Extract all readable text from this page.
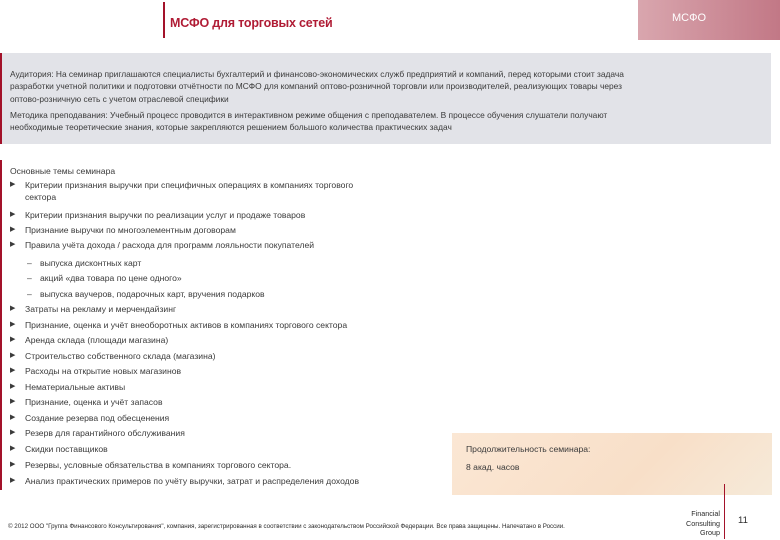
МСФО для торговых сетей	МСФО
Аудитория: На семинар приглашаются специалисты бухгалтерий и финансово-экономических служб предприятий и компаний, перед которыми стоит задача
разработки учетной политики и подготовки отчётности по МСФО для компаний оптово-розничной торговли или производителей, реализующих товары через
оптово-розничную сеть с учетом отраслевой специфики
Методика преподавания: Учебный процесс проводится в интерактивном режиме общения с преподавателем. В процессе обучения слушатели получают
необходимые теоретические знания, которые закрепляются решением большого количества практических задач
Основные темы семинара
▶	Критерии признания выручки при специфичных операциях в компаниях торгового
сектора
▶	Критерии признания выручки по реализации услуг и продаже товаров
▶	Признание выручки по многоэлементным договорам
▶	Правила учёта дохода / расхода для программ лояльности покупателей
– выпуска дисконтных карт
– акций «два товара по цене одного»
– выпуска ваучеров, подарочных карт, вручения подарков
▶	Затраты на рекламу и мерчендайзинг
▶	Признание, оценка и учёт внеоборотных активов в компаниях торгового сектора
▶	Аренда склада (площади магазина)
▶	Строительство собственного склада (магазина)
▶	Расходы на открытие новых магазинов
▶	Нематериальные активы
▶	Признание, оценка и учёт запасов
▶	Создание резерва под обесценения
▶	Резерв для гарантийного обслуживания
▶	Скидки поставщиков
▶	Резервы, условные обязательства в компаниях торгового сектора.
▶	Анализ практических примеров по учёту выручки, затрат и распределения доходов
Продолжительность семинара:
8 акад. часов
© 2012 ООО "Группа Финансового Консультирования", компания, зарегистрированная в соответствии с законодательством Российской Федерации. Все права защищены. Напечатано в России.
Financial
Consulting
Group
11
